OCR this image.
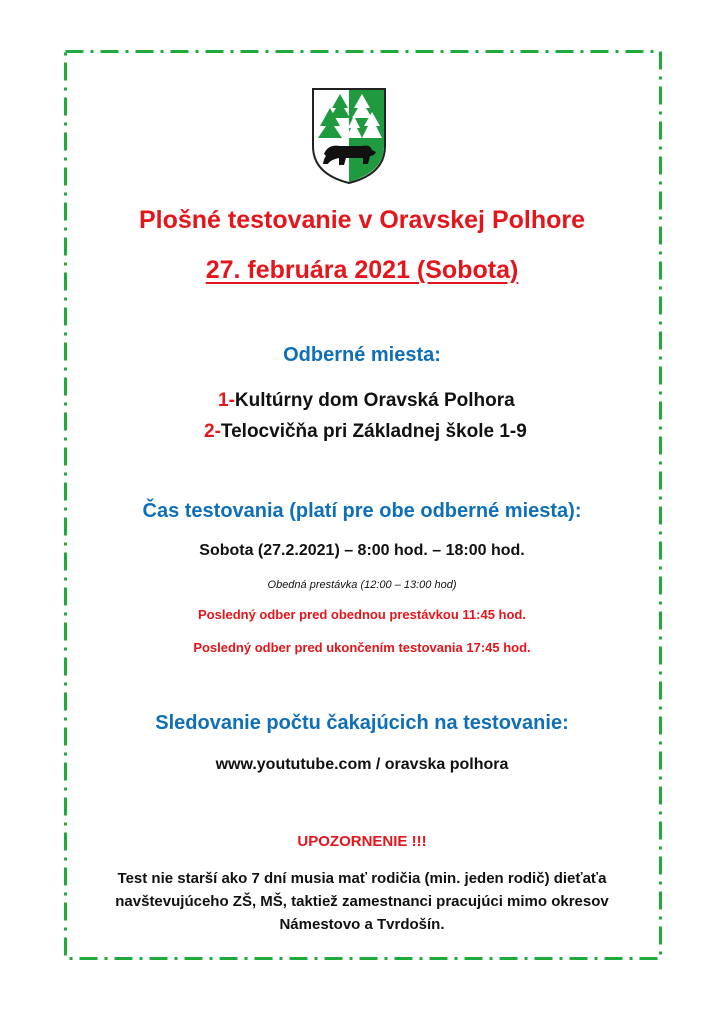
Plošné testovanie v Oravskej Polhore
27. februára 2021 (Sobota)
Odberné miesta:
1-Kultúrny dom Oravská Polhora
2-Telocvičňa pri Základnej škole 1-9
Čas testovania (platí pre obe odberné miesta):
Sobota (27.2.2021) – 8:00 hod. – 18:00 hod.
Obedná prestávka (12:00 – 13:00 hod)
Posledný odber pred obednou prestávkou 11:45 hod.
Posledný odber pred ukončením testovania 17:45 hod.
Sledovanie počtu čakajúcich na testovanie:
www.yoututube.com / oravska polhora
UPOZORNENIE !!!
Test nie starší ako 7 dní musia mať rodičia (min. jeden rodič) dieťaťa
navštevujúceho ZŠ, MŠ, taktiež zamestnanci pracujúci mimo okresov
Námestovo a Tvrdošín.
